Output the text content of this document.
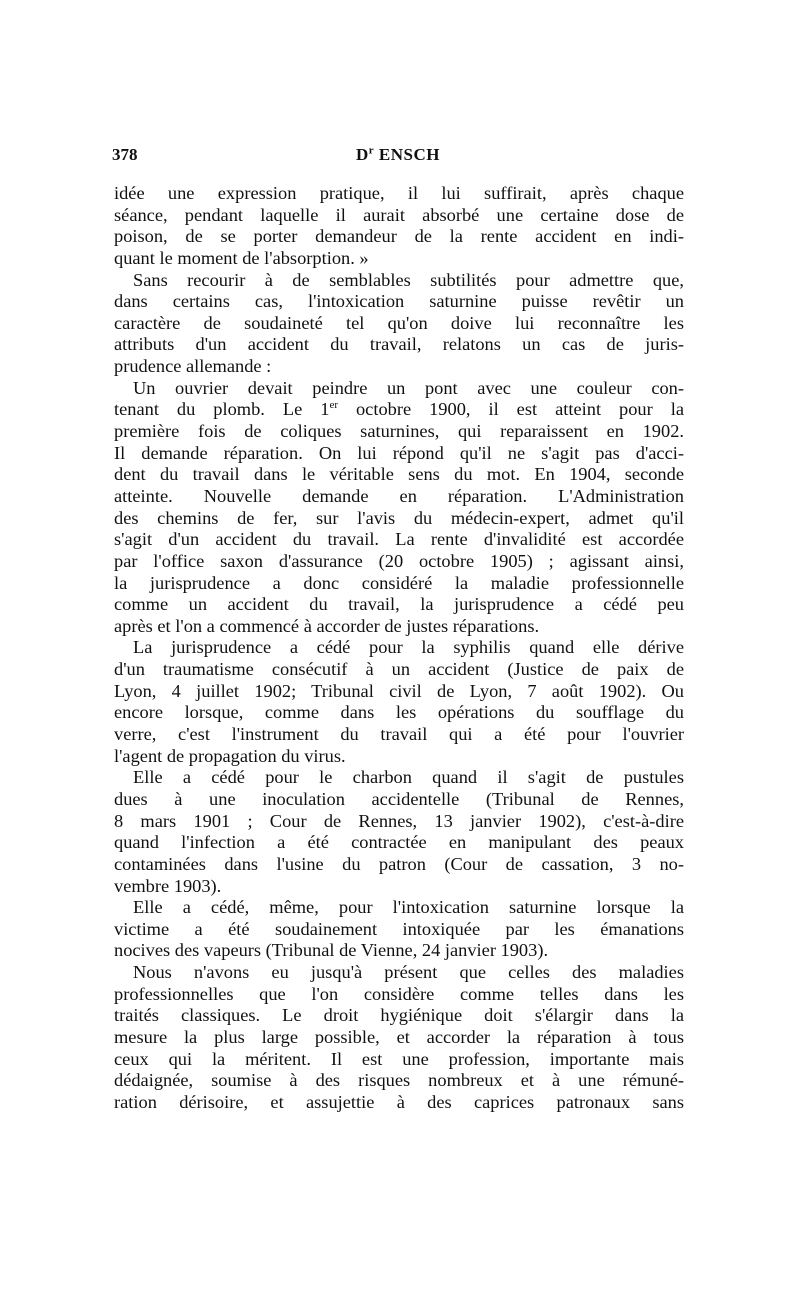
378	$D^r$ ENSCH
idée une expression pratique, il lui suffirait, après chaque
séance, pendant laquelle il aurait absorbé une certaine dose de
poison, de se porter demandeur de la rente accident en indi-
quant le moment de l'absorption. »
Sans recourir à de semblables subtilités pour admettre que,
dans certains cas, l'intoxication saturnine puisse revêtir un
caractère de soudaineté tel qu'on doive lui reconnaître les
attributs d'un accident du travail, relatons un cas de juris-
prudence allemande :
Un ouvrier devait peindre un pont avec une couleur con-
tenant du plomb. Le 1er octobre 1900, il est atteint pour la
première fois de coliques saturnines, qui reparaissent en 1902.
Il demande réparation. On lui répond qu'il ne s'agit pas d'acci-
dent du travail dans le véritable sens du mot. En 1904, seconde
atteinte. Nouvelle demande en réparation. L'Administration
des chemins de fer, sur l'avis du médecin-expert, admet qu'il
s'agit d'un accident du travail. La rente d'invalidité est accordée
par l'office saxon d'assurance (20 octobre 1905) ; agissant ainsi,
la jurisprudence a donc considéré la maladie professionnelle
comme un accident du travail, la jurisprudence a cédé peu
après et l'on a commencé à accorder de justes réparations.
La jurisprudence a cédé pour la syphilis quand elle dérive
d'un traumatisme consécutif à un accident (Justice de paix de
Lyon, 4 juillet 1902; Tribunal civil de Lyon, 7 août 1902). Ou
encore lorsque, comme dans les opérations du soufflage du
verre, c'est l'instrument du travail qui a été pour l'ouvrier
l'agent de propagation du virus.
Elle a cédé pour le charbon quand il s'agit de pustules
dues à une inoculation accidentelle (Tribunal de Rennes,
8 mars 1901 ; Cour de Rennes, 13 janvier 1902), c'est-à-dire
quand l'infection a été contractée en manipulant des peaux
contaminées dans l'usine du patron (Cour de cassation, 3 no-
vembre 1903).
Elle a cédé, même, pour l'intoxication saturnine lorsque la
victime a été soudainement intoxiquée par les émanations
nocives des vapeurs (Tribunal de Vienne, 24 janvier 1903).
Nous n'avons eu jusqu'à présent que celles des maladies
professionnelles que l'on considère comme telles dans les
traités classiques. Le droit hygiénique doit s'élargir dans la
mesure la plus large possible, et accorder la réparation à tous
ceux qui la méritent. Il est une profession, importante mais
dédaignée, soumise à des risques nombreux et à une rémuné-
ration dérisoire, et assujettie à des caprices patronaux sans
